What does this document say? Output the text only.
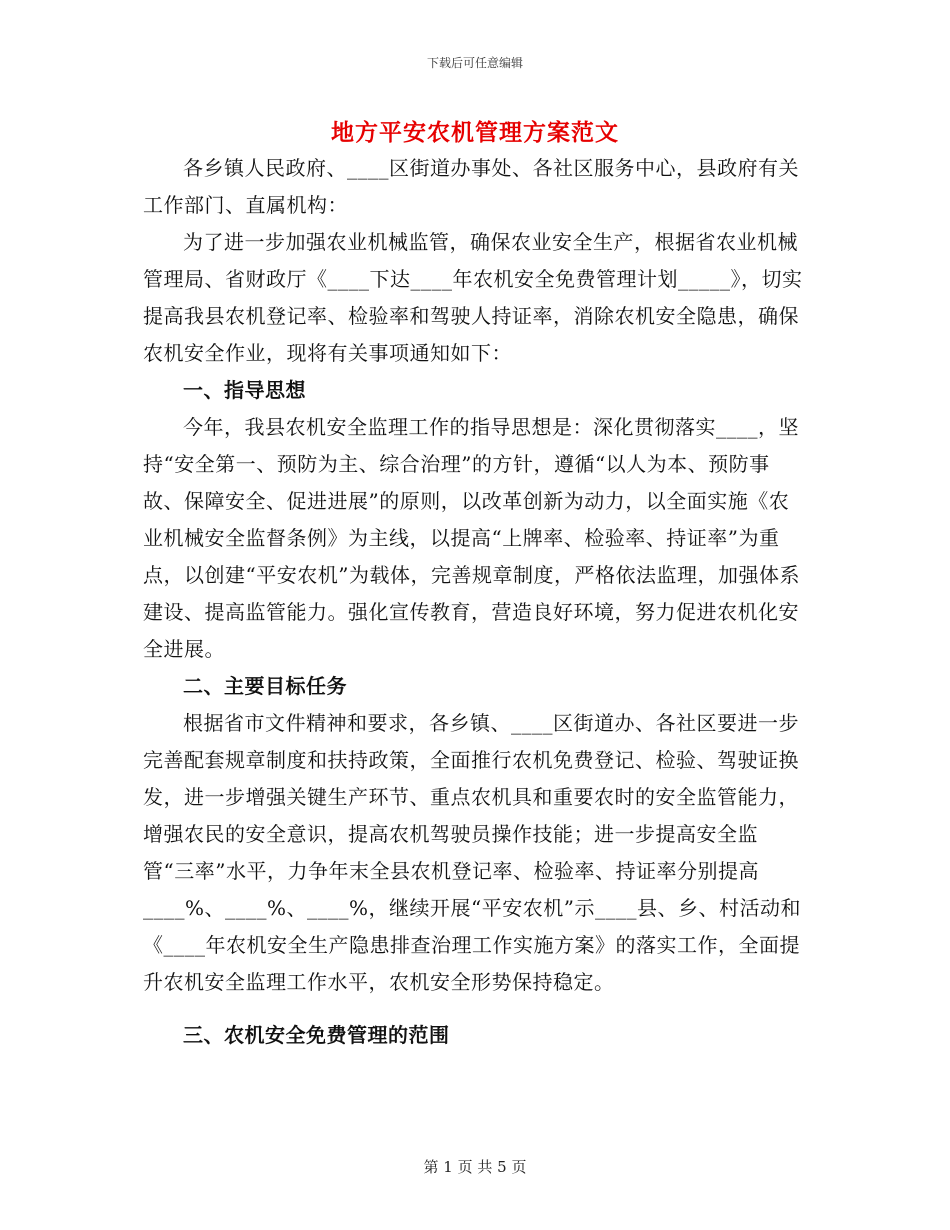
下载后可任意编辑
地方平安农机管理方案范文

各乡镇人民政府、____区街道办事处、各社区服务中心，县政府有关工作部门、直属机构：

为了进一步加强农业机械监管，确保农业安全生产，根据省农业机械管理局、省财政厅《____下达____年农机安全免费管理计划_____》，切实提高我县农机登记率、检验率和驾驶人持证率，消除农机安全隐患，确保农机安全作业，现将有关事项通知如下：

一、指导思想

今年，我县农机安全监理工作的指导思想是：深化贯彻落实____，坚持“安全第一、预防为主、综合治理”的方针，遵循“以人为本、预防事故、保障安全、促进进展”的原则，以改革创新为动力，以全面实施《农业机械安全监督条例》为主线，以提高“上牌率、检验率、持证率”为重点，以创建“平安农机”为载体，完善规章制度，严格依法监理，加强体系建设、提高监管能力。强化宣传教育，营造良好环境，努力促进农机化安全进展。

二、主要目标任务

根据省市文件精神和要求，各乡镇、____区街道办、各社区要进一步完善配套规章制度和扶持政策，全面推行农机免费登记、检验、驾驶证换发，进一步增强关键生产环节、重点农机具和重要农时的安全监管能力，增强农民的安全意识，提高农机驾驶员操作技能；进一步提高安全监管“三率”水平，力争年末全县农机登记率、检验率、持证率分别提高____%、____%、____%，继续开展“平安农机”示____县、乡、村活动和《____年农机安全生产隐患排查治理工作实施方案》的落实工作，全面提升农机安全监理工作水平，农机安全形势保持稳定。

三、农机安全免费管理的范围
第 1 页 共 5 页
